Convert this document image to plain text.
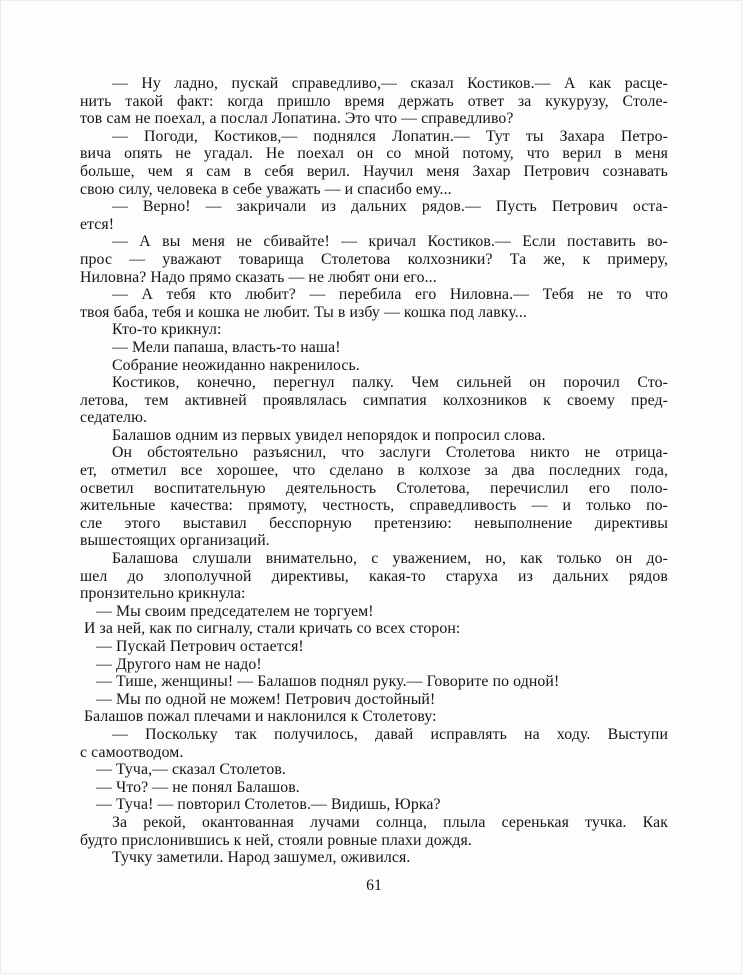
— Ну ладно, пускай справедливо,— сказал Костиков.— А как расце-
нить такой факт: когда пришло время держать ответ за кукурузу, Столе-
тов сам не поехал, а послал Лопатина. Это что — справедливо?
— Погоди, Костиков,— поднялся Лопатин.— Тут ты Захара Петро-
вича опять не угадал. Не поехал он со мной потому, что верил в меня
больше, чем я сам в себя верил. Научил меня Захар Петрович сознавать
свою силу, человека в себе уважать — и спасибо ему...
— Верно! — закричали из дальних рядов.— Пусть Петрович оста-
ется!
— А вы меня не сбивайте! — кричал Костиков.— Если поставить во-
прос — уважают товарища Столетова колхозники? Та же, к примеру,
Ниловна? Надо прямо сказать — не любят они его...
— А тебя кто любит? — перебила его Ниловна.— Тебя не то что
твоя баба, тебя и кошка не любит. Ты в избу — кошка под лавку...
Кто-то крикнул:
— Мели папаша, власть-то наша!
Собрание неожиданно накренилось.
Костиков, конечно, перегнул палку. Чем сильней он порочил Сто-
летова, тем активней проявлялась симпатия колхозников к своему пред-
седателю.
Балашов одним из первых увидел непорядок и попросил слова.
Он обстоятельно разъяснил, что заслуги Столетова никто не отрица-
ет, отметил все хорошее, что сделано в колхозе за два последних года,
осветил воспитательную деятельность Столетова, перечислил его поло-
жительные качества: прямоту, честность, справедливость — и только по-
сле этого выставил бесспорную претензию: невыполнение директивы
вышестоящих организаций.
Балашова слушали внимательно, с уважением, но, как только он до-
шел до злополучной директивы, какая-то старуха из дальних рядов
пронзительно крикнула:
— Мы своим председателем не торгуем!
И за ней, как по сигналу, стали кричать со всех сторон:
— Пускай Петрович остается!
— Другого нам не надо!
— Тише, женщины! — Балашов поднял руку.— Говорите по одной!
— Мы по одной не можем! Петрович достойный!
Балашов пожал плечами и наклонился к Столетову:
— Поскольку так получилось, давай исправлять на ходу. Выступи
с самоотводом.
— Туча,— сказал Столетов.
— Что? — не понял Балашов.
— Туча! — повторил Столетов.— Видишь, Юрка?
За рекой, окантованная лучами солнца, плыла серенькая тучка. Как
будто прислонившись к ней, стояли ровные плахи дождя.
Тучку заметили. Народ зашумел, оживился.
61
